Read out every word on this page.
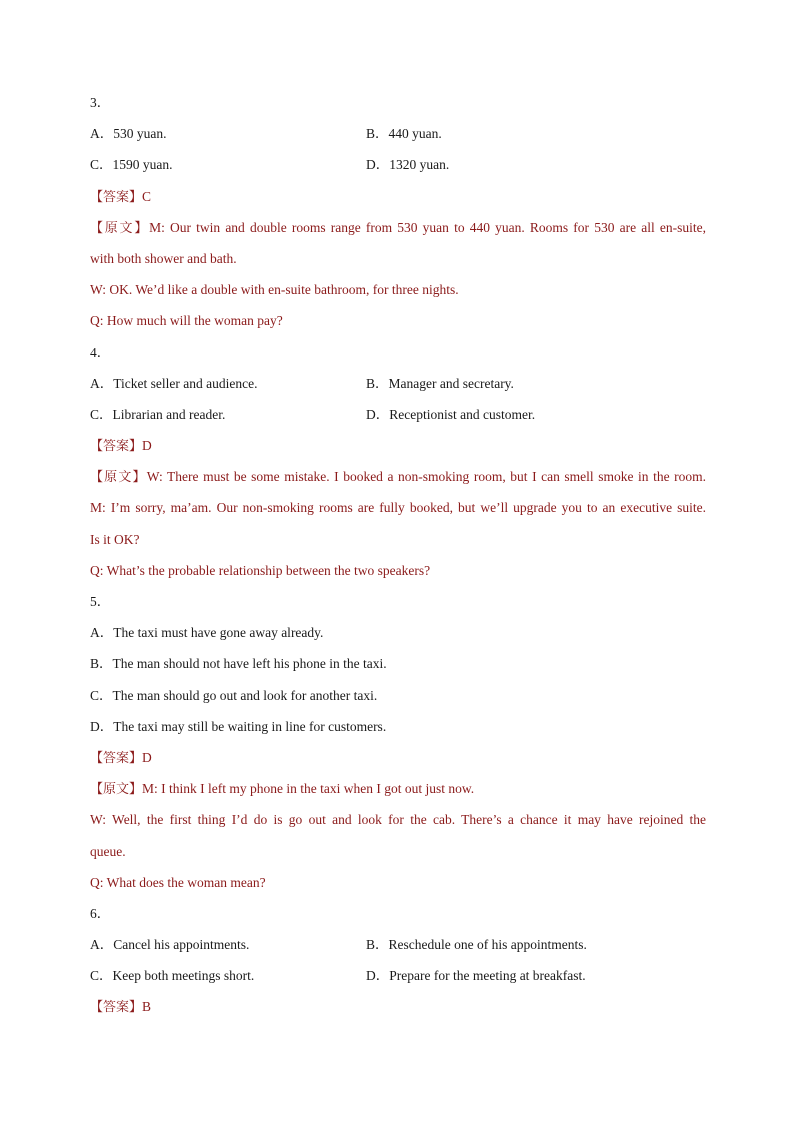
3．
A．530 yuan.	B．440 yuan.
C．1590 yuan.	D．1320 yuan.
【答案】C
【原文】M: Our twin and double rooms range from 530 yuan to 440 yuan. Rooms for 530 are all en-suite,
with both shower and bath.
W: OK. We’d like a double with en-suite bathroom, for three nights.
Q: How much will the woman pay?
4．
A．Ticket seller and audience.	B．Manager and secretary.
C．Librarian and reader.	D．Receptionist and customer.
【答案】D
【原文】W: There must be some mistake. I booked a non-smoking room, but I can smell smoke in the room.
M: I’m sorry, ma’am. Our non-smoking rooms are fully booked, but we’ll upgrade you to an executive suite.
Is it OK?
Q: What’s the probable relationship between the two speakers?
5．
A．The taxi must have gone away already.
B．The man should not have left his phone in the taxi.
C．The man should go out and look for another taxi.
D．The taxi may still be waiting in line for customers.
【答案】D
【原文】M: I think I left my phone in the taxi when I got out just now.
W: Well, the first thing I’d do is go out and look for the cab. There’s a chance it may have rejoined the
queue.
Q: What does the woman mean?
6．
A．Cancel his appointments.	B．Reschedule one of his appointments.
C．Keep both meetings short.	D．Prepare for the meeting at breakfast.
【答案】B
